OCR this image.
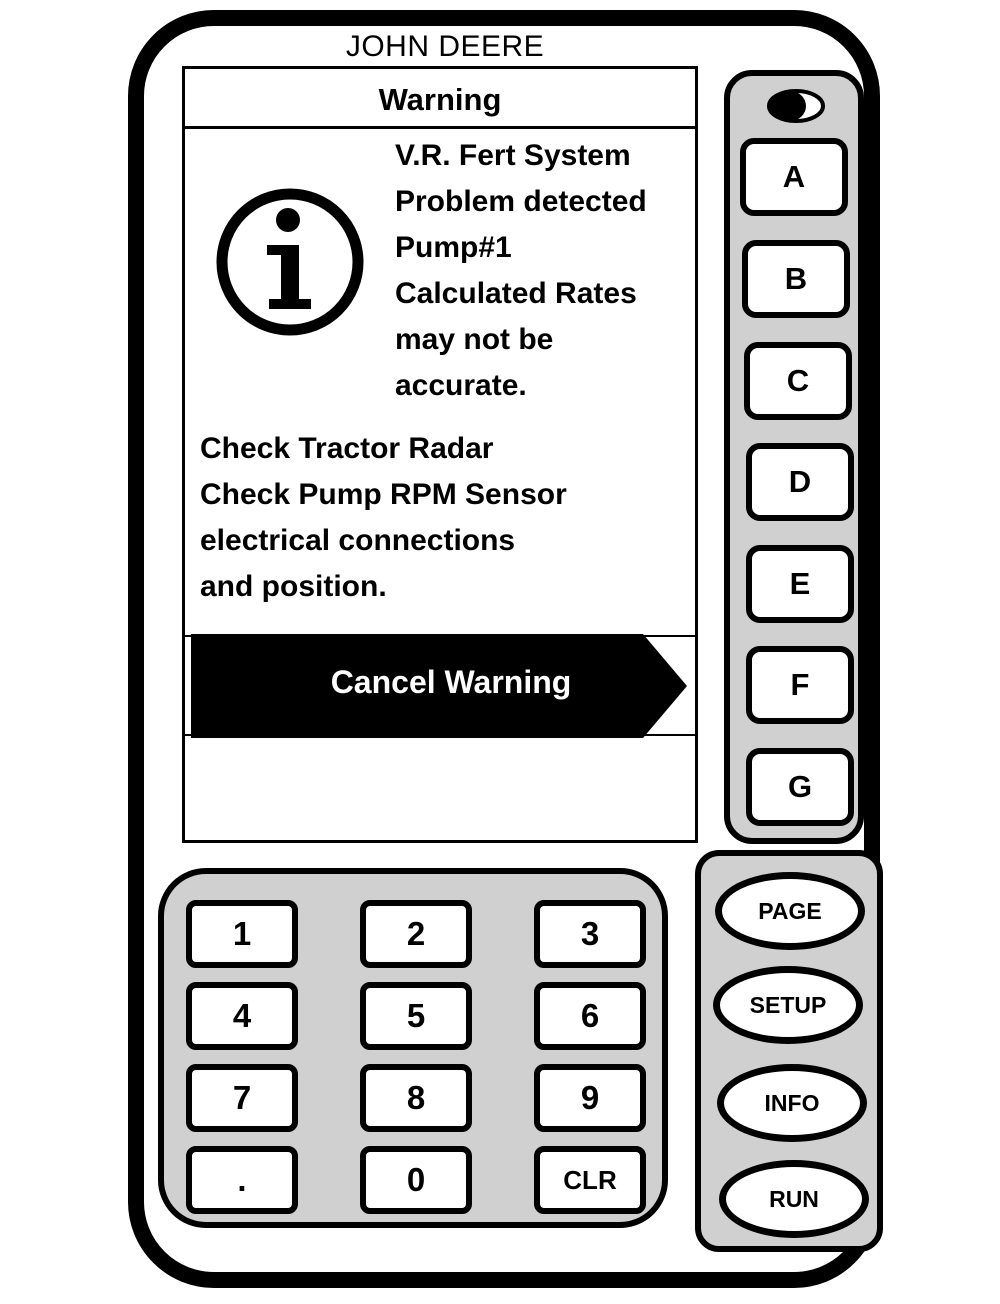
JOHN DEERE
Warning
V.R. Fert System
Problem detected
Pump#1
Calculated Rates
may not be
accurate.
Check Tractor Radar
Check Pump RPM Sensor
electrical connections
and position.
Cancel Warning
A
B
C
D
E
F
G
1	2	3
4	5	6
7	8	9
.	0	CLR
PAGE
SETUP
INFO
RUN
